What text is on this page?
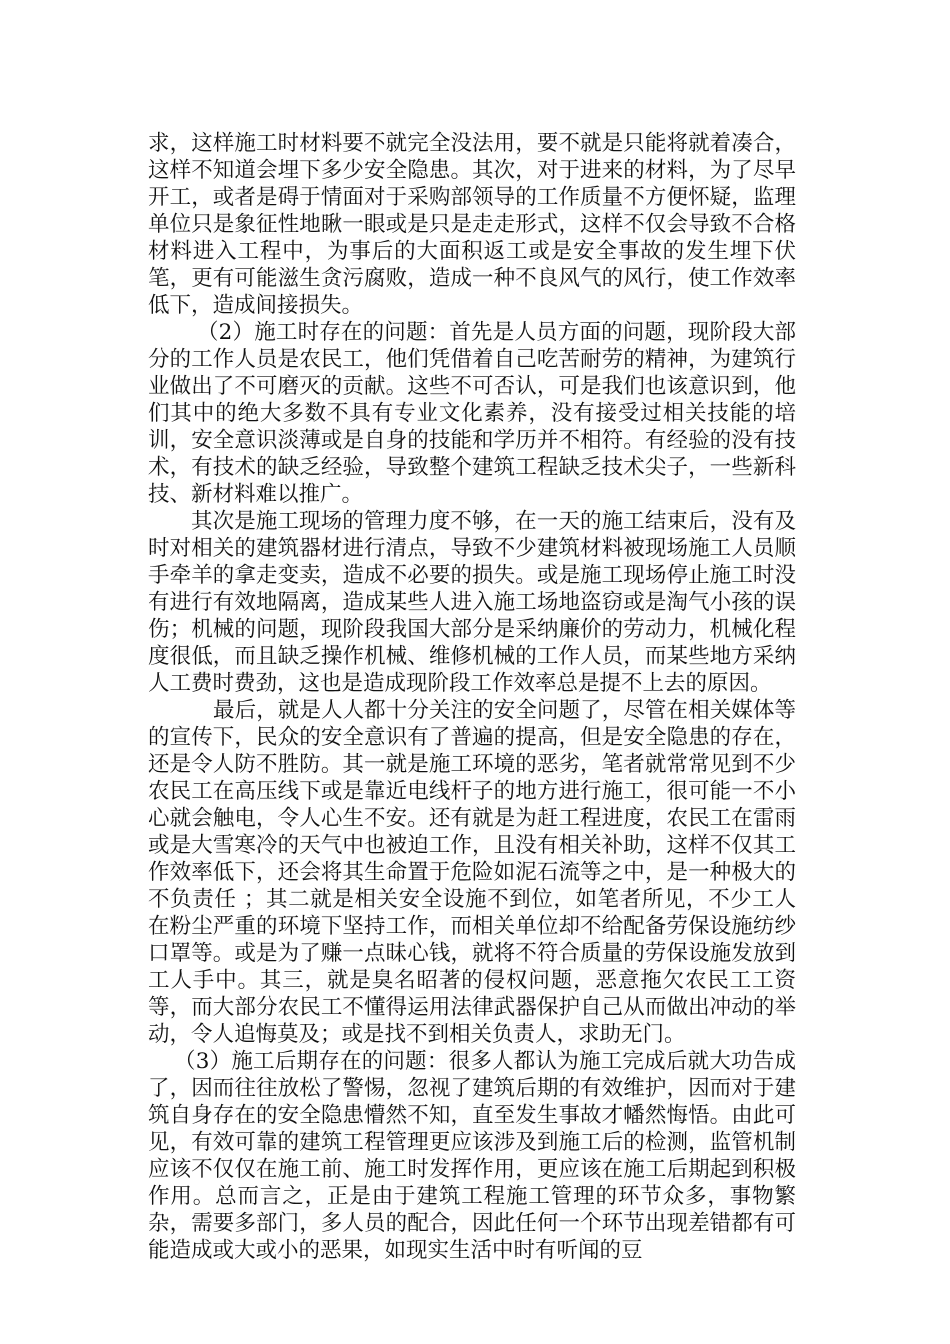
求，这样施工时材料要不就完全没法用，要不就是只能将就着凑合，这样不知道会埋下多少安全隐患。其次，对于进来的材料，为了尽早开工，或者是碍于情面对于采购部领导的工作质量不方便怀疑，监理单位只是象征性地瞅一眼或是只是走走形式，这样不仅会导致不合格材料进入工程中，为事后的大面积返工或是安全事故的发生埋下伏笔，更有可能滋生贪污腐败，造成一种不良风气的风行，使工作效率低下，造成间接损失。

（2）施工时存在的问题：首先是人员方面的问题，现阶段大部分的工作人员是农民工，他们凭借着自己吃苦耐劳的精神，为建筑行业做出了不可磨灭的贡献。这些不可否认，可是我们也该意识到，他们其中的绝大多数不具有专业文化素养，没有接受过相关技能的培训，安全意识淡薄或是自身的技能和学历并不相符。有经验的没有技术，有技术的缺乏经验，导致整个建筑工程缺乏技术尖子，一些新科技、新材料难以推广。

其次是施工现场的管理力度不够，在一天的施工结束后，没有及时对相关的建筑器材进行清点，导致不少建筑材料被现场施工人员顺手牵羊的拿走变卖，造成不必要的损失。或是施工现场停止施工时没有进行有效地隔离，造成某些人进入施工场地盗窃或是淘气小孩的误伤；机械的问题，现阶段我国大部分是采纳廉价的劳动力，机械化程度很低，而且缺乏操作机械、维修机械的工作人员，而某些地方采纳人工费时费劲，这也是造成现阶段工作效率总是提不上去的原因。

最后，就是人人都十分关注的安全问题了，尽管在相关媒体等的宣传下，民众的安全意识有了普遍的提高，但是安全隐患的存在，还是令人防不胜防。其一就是施工环境的恶劣，笔者就常常见到不少农民工在高压线下或是靠近电线杆子的地方进行施工，很可能一不小心就会触电，令人心生不安。还有就是为赶工程进度，农民工在雷雨或是大雪寒冷的天气中也被迫工作，且没有相关补助，这样不仅其工作效率低下，还会将其生命置于危险如泥石流等之中，是一种极大的不负责任 ；其二就是相关安全设施不到位，如笔者所见，不少工人在粉尘严重的环境下坚持工作，而相关单位却不给配备劳保设施纺纱口罩等。或是为了赚一点昧心钱，就将不符合质量的劳保设施发放到工人手中。其三，就是臭名昭著的侵权问题，恶意拖欠农民工工资等，而大部分农民工不懂得运用法律武器保护自己从而做出冲动的举动，令人追悔莫及；或是找不到相关负责人，求助无门。

（3）施工后期存在的问题：很多人都认为施工完成后就大功告成了，因而往往放松了警惕，忽视了建筑后期的有效维护，因而对于建筑自身存在的安全隐患懵然不知，直至发生事故才幡然悔悟。由此可见，有效可靠的建筑工程管理更应该涉及到施工后的检测，监管机制应该不仅仅在施工前、施工时发挥作用，更应该在施工后期起到积极作用。总而言之，正是由于建筑工程施工管理的环节众多，事物繁杂，需要多部门，多人员的配合，因此任何一个环节出现差错都有可能造成或大或小的恶果，如现实生活中时有听闻的豆
